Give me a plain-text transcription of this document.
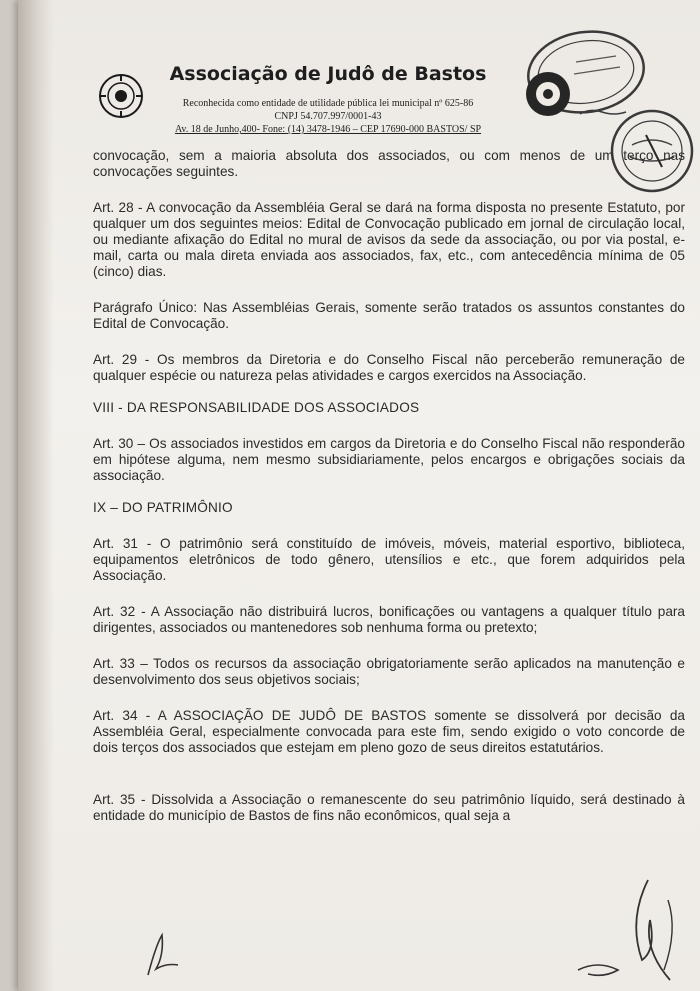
Associação de Judô de Bastos
Reconhecida como entidade de utilidade pública lei municipal nº 625-86
CNPJ 54.707.997/0001-43
Av. 18 de Junho,400- Fone: (14) 3478-1946 – CEP 17690-000 BASTOS/ SP

convocação, sem a maioria absoluta dos associados, ou com menos de um terço nas convocações seguintes.

Art. 28 - A convocação da Assembléia Geral se dará na forma disposta no presente Estatuto, por qualquer um dos seguintes meios: Edital de Convocação publicado em jornal de circulação local, ou mediante afixação do Edital no mural de avisos da sede da associação, ou por via postal, e-mail, carta ou mala direta enviada aos associados, fax, etc., com antecedência mínima de 05 (cinco) dias.

Parágrafo Único: Nas Assembléias Gerais, somente serão tratados os assuntos constantes do Edital de Convocação.

Art. 29 - Os membros da Diretoria e do Conselho Fiscal não perceberão remuneração de qualquer espécie ou natureza pelas atividades e cargos exercidos na Associação.

VIII - DA RESPONSABILIDADE DOS ASSOCIADOS

Art. 30 – Os associados investidos em cargos da Diretoria e do Conselho Fiscal não responderão em hipótese alguma, nem mesmo subsidiariamente, pelos encargos e obrigações sociais da associação.

IX – DO PATRIMÔNIO

Art. 31 - O patrimônio será constituído de imóveis, móveis, material esportivo, biblioteca, equipamentos eletrônicos de todo gênero, utensílios e etc., que forem adquiridos pela Associação.

Art. 32 - A Associação não distribuirá lucros, bonificações ou vantagens a qualquer título para dirigentes, associados ou mantenedores sob nenhuma forma ou pretexto;

Art. 33 – Todos os recursos da associação obrigatoriamente serão aplicados na manutenção e desenvolvimento dos seus objetivos sociais;

Art. 34 - A ASSOCIAÇÃO DE JUDÔ DE BASTOS somente se dissolverá por decisão da Assembléia Geral, especialmente convocada para este fim, sendo exigido o voto concorde de dois terços dos associados que estejam em pleno gozo de seus direitos estatutários.

Art. 35 - Dissolvida a Associação o remanescente do seu patrimônio líquido, será destinado à entidade do município de Bastos de fins não econômicos, qual seja a
